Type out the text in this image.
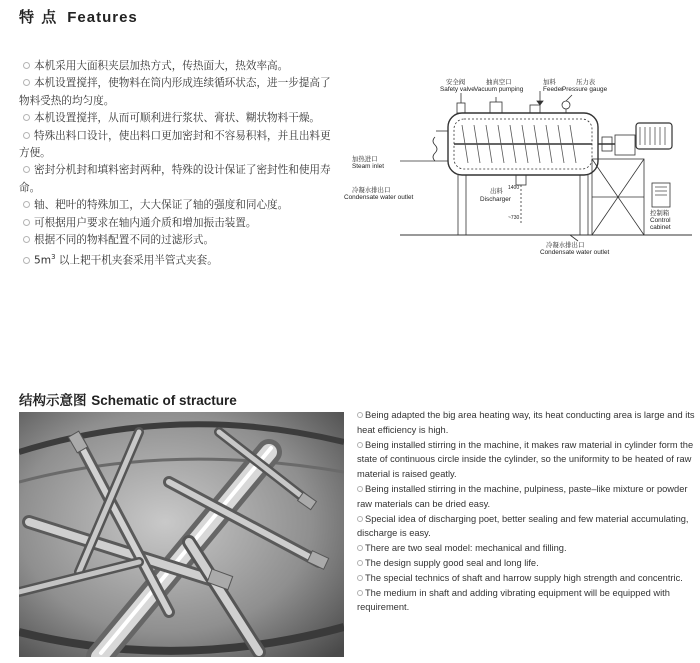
特 点 Features

本机采用大面积夹层加热方式，传热面大，热效率高。

本机设置搅拌，使物料在筒内形成连续循环状态，进一步提高了物料受热的均匀度。

本机设置搅拌，从而可顺利进行浆状、膏状、糊状物料干燥。

特殊出料口设计，使出料口更加密封和不容易积料，并且出料更方便。

密封分机封和填料密封两种，特殊的设计保证了密封性和使用寿命。

轴、耙叶的特殊加工，大大保证了轴的强度和同心度。

可根据用户要求在轴内通介质和增加振击装置。

根据不同的物料配置不同的过滤形式。

$5m^3$ 以上耙干机夹套采用半管式夹套。

安全阀
Safety valve
抽真空口
Vacuum pumping
加料
Feeder
压力表
Pressure gauge
加热进口
Steam inlet
冷凝水排出口
Condensate water outlet
出料
Discharger
1400
~730
冷凝水排出口
Condensate water outlet
控制箱
Control
cabinet
结构示意图 Schematic of stracture

Being adapted the big area heating way, its heat conducting area is large and its heat efficiency is high.

Being installed stirring in the machine, it makes raw material in cylinder form the state of continuous circle inside the cylinder, so the uniformity to be heated of raw material is raised geatly.

Being installed stirring in the machine, pulpiness, paste–like mixture or powder raw materials can be dried easy.

Special idea of discharging poet, better sealing and few material accumulating, discharge is easy.

There are two seal model: mechanical and filling.

The design supply good seal and long life.

The special technics of shaft and harrow supply high strength and concentric.

The medium in shaft and adding vibrating equipment will be equipped with requirement.
